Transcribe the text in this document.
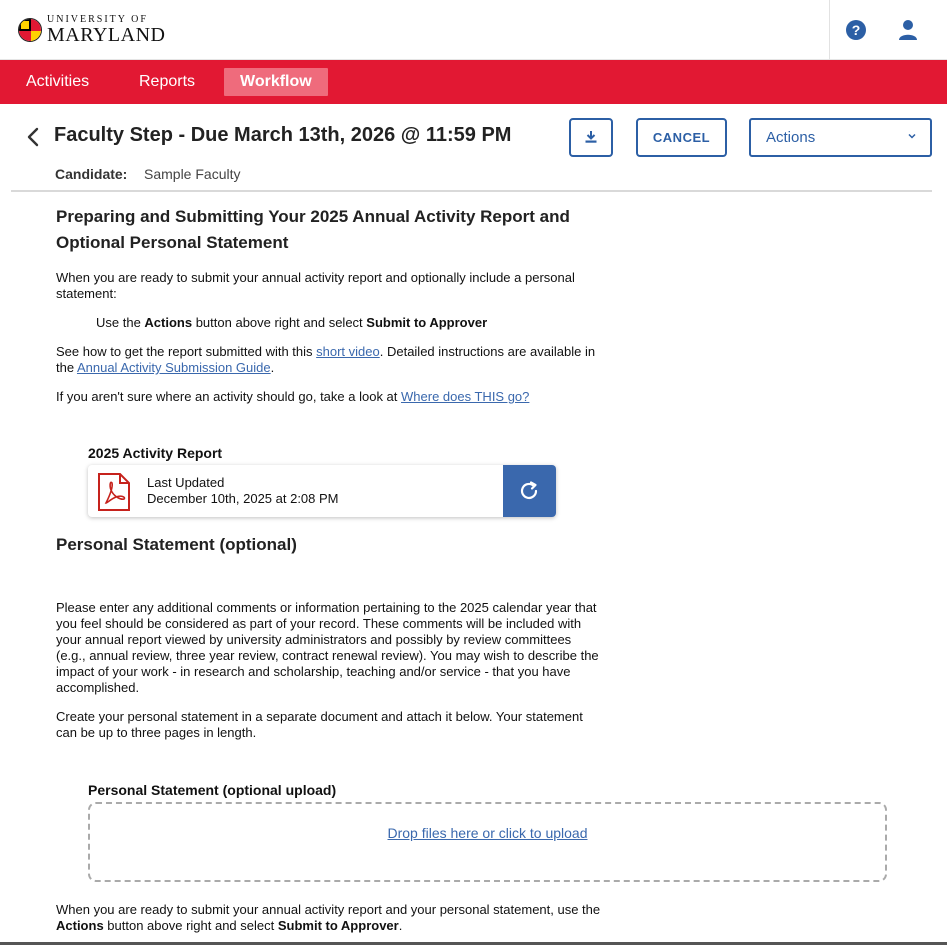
UNIVERSITY OF
MARYLAND	?
Activities	Reports	Workflow
Faculty Step - Due March 13th, 2026 @ 11:59 PM	CANCEL	Actions
Candidate: Sample Faculty
Preparing and Submitting Your 2025 Annual Activity Report and Optional Personal Statement
When you are ready to submit your annual activity report and optionally include a personal statement:
Use the Actions button above right and select Submit to Approver
See how to get the report submitted with this short video. Detailed instructions are available in the Annual Activity Submission Guide.
If you aren't sure where an activity should go, take a look at Where does THIS go?
2025 Activity Report
Last Updated
December 10th, 2025 at 2:08 PM
Personal Statement (optional)
Please enter any additional comments or information pertaining to the 2025 calendar year that you feel should be considered as part of your record. These comments will be included with your annual report viewed by university administrators and possibly by review committees (e.g., annual review, three year review, contract renewal review). You may wish to describe the impact of your work - in research and scholarship, teaching and/or service - that you have accomplished.
Create your personal statement in a separate document and attach it below. Your statement can be up to three pages in length.
Personal Statement (optional upload)
Drop files here or click to upload
When you are ready to submit your annual activity report and your personal statement, use the Actions button above right and select Submit to Approver.
